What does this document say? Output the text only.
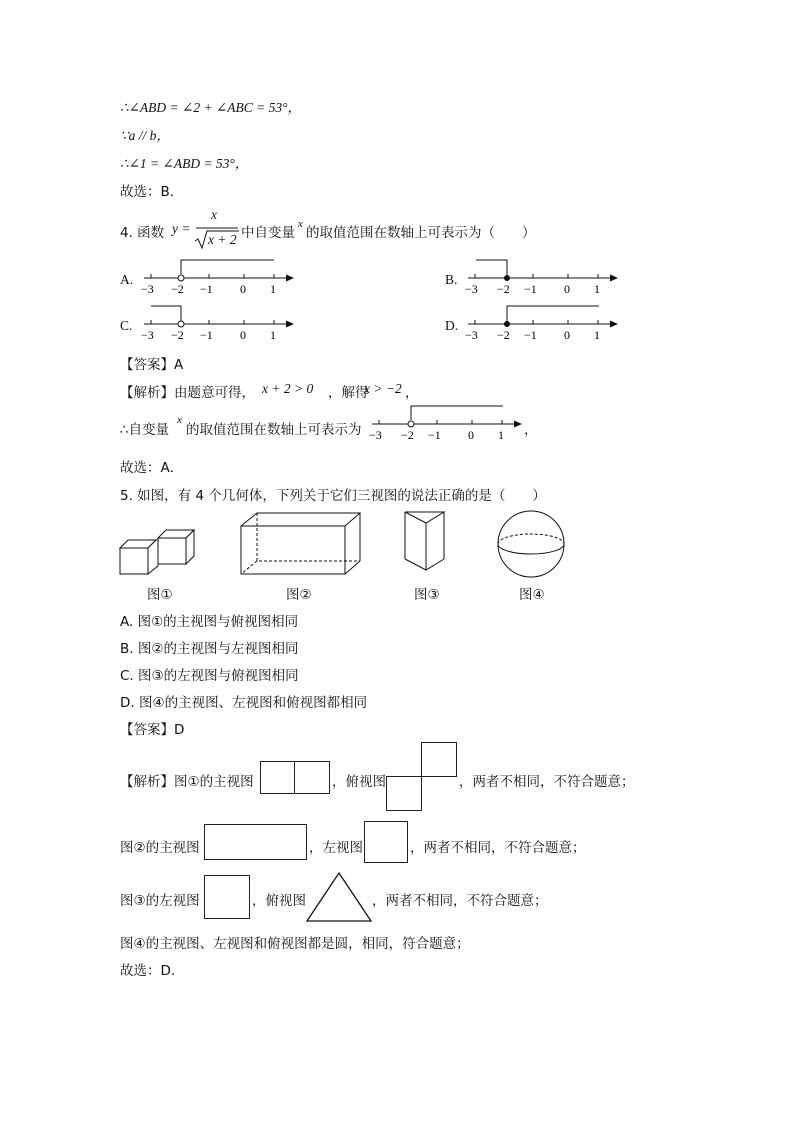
∴∠ABD = ∠2 + ∠ABC = 53°，
∵a // b，
∴∠1 = ∠ABD = 53°，
故选：B．
4. 函数 y =
x
x + 2 中自变量
x
的取值范围在数轴上可表示为（　　）
A.
−3 −2 −1 0 1
B.
−3 −2 −1 0 1
C.
−3 −2 −1 0 1
D.
−3 −2 −1 0 1
【答案】A
【解析】由题意可得， x + 2 > 0 ，解得
x > −2 ，
∴自变量
x
的取值范围在数轴上可表示为 −3 −2 −1 0 1 ，
故选：A．
5. 如图，有 4 个几何体，下列关于它们三视图的说法正确的是（　　）
图①	图②	图③	图④
A. 图①的主视图与俯视图相同
B. 图②的主视图与左视图相同
C. 图③的左视图与俯视图相同
D. 图④的主视图、左视图和俯视图都相同
【答案】D
【解析】图①的主视图	，俯视图	，两者不相同，不符合题意；
图②的主视图	，左视图	，两者不相同，不符合题意；
图③的左视图	，俯视图	，两者不相同，不符合题意；
图④的主视图、左视图和俯视图都是圆，相同，符合题意；
故选：D.
